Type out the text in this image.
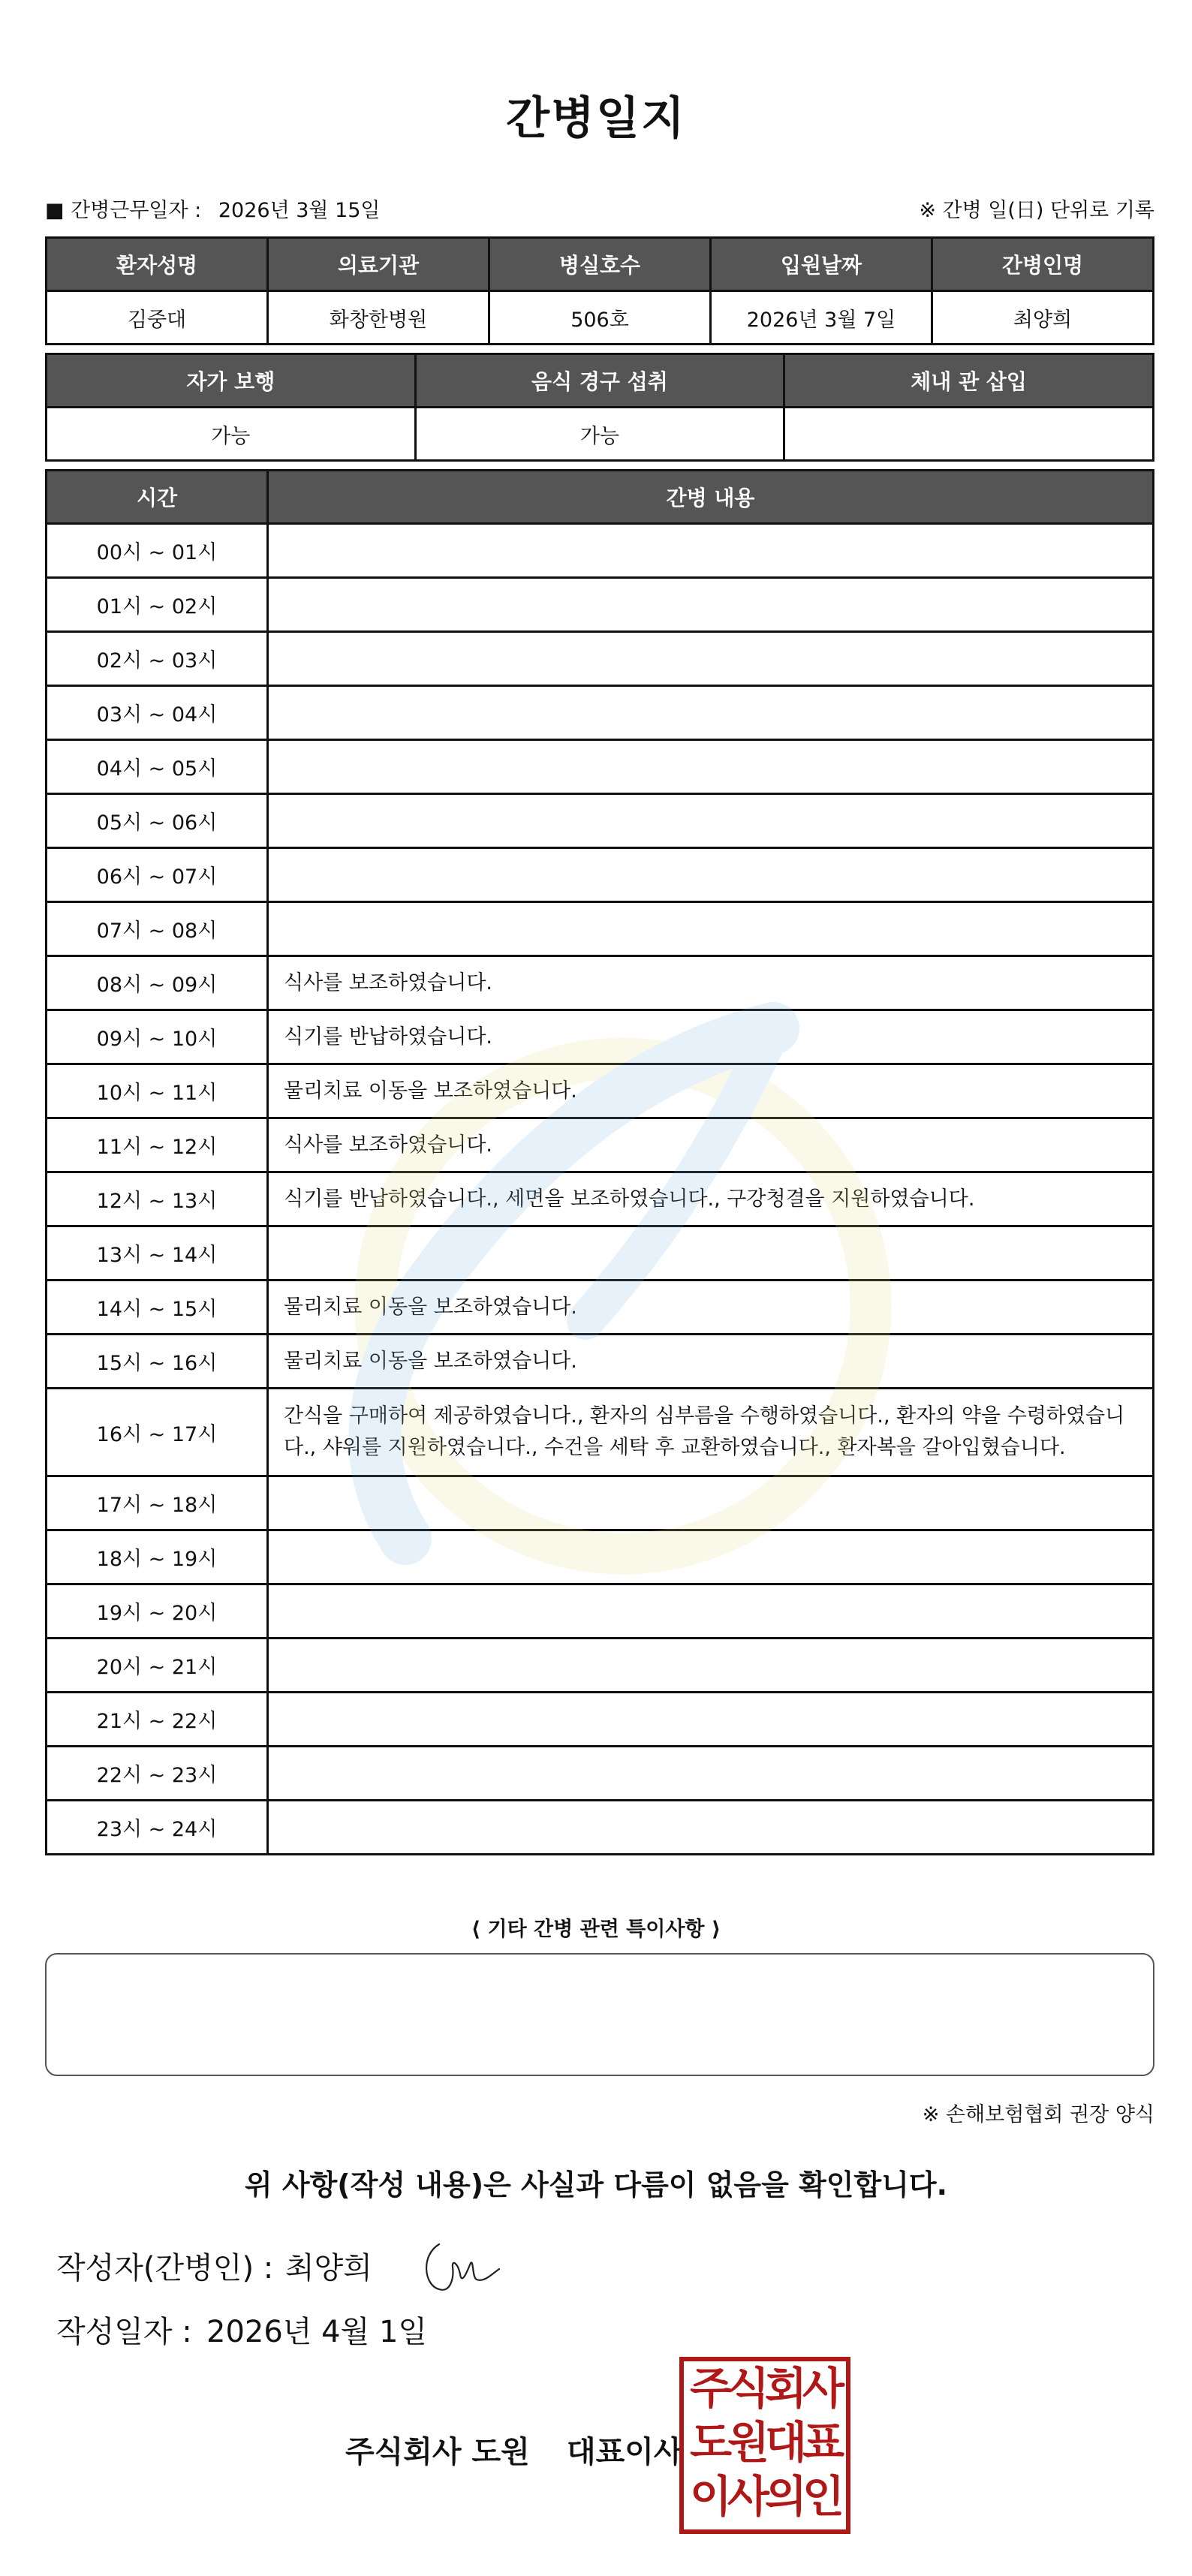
간병일지
■ 간병근무일자 : 2026년 3월 15일	※ 간병 일(日) 단위로 기록
환자성명	의료기관	병실호수	입원날짜	간병인명
김중대	화창한병원	506호	2026년 3월 7일	최양희
자가 보행	음식 경구 섭취	체내 관 삽입
가능	가능	
시간	간병 내용
00시 ~ 01시	
01시 ~ 02시	
02시 ~ 03시	
03시 ~ 04시	
04시 ~ 05시	
05시 ~ 06시	
06시 ~ 07시	
07시 ~ 08시	
08시 ~ 09시	식사를 보조하였습니다.
09시 ~ 10시	식기를 반납하였습니다.
10시 ~ 11시	물리치료 이동을 보조하였습니다.
11시 ~ 12시	식사를 보조하였습니다.
12시 ~ 13시	식기를 반납하였습니다., 세면을 보조하였습니다., 구강청결을 지원하였습니다.
13시 ~ 14시	
14시 ~ 15시	물리치료 이동을 보조하였습니다.
15시 ~ 16시	물리치료 이동을 보조하였습니다.
16시 ~ 17시	간식을 구매하여 제공하였습니다., 환자의 심부름을 수행하였습니다., 환자의 약을 수령하였습니다., 샤워를 지원하였습니다., 수건을 세탁 후 교환하였습니다., 환자복을 갈아입혔습니다.
17시 ~ 18시	
18시 ~ 19시	
19시 ~ 20시	
20시 ~ 21시	
21시 ~ 22시	
22시 ~ 23시	
23시 ~ 24시	
⟨ 기타 간병 관련 특이사항 ⟩
※ 손해보험협회 권장 양식
위 사항(작성 내용)은 사실과 다름이 없음을 확인합니다.
작성자(간병인) : 최양희
작성일자 : 2026년 4월 1일
주식회사 도원 대표이사
주식회사
도원대표
이사의인
